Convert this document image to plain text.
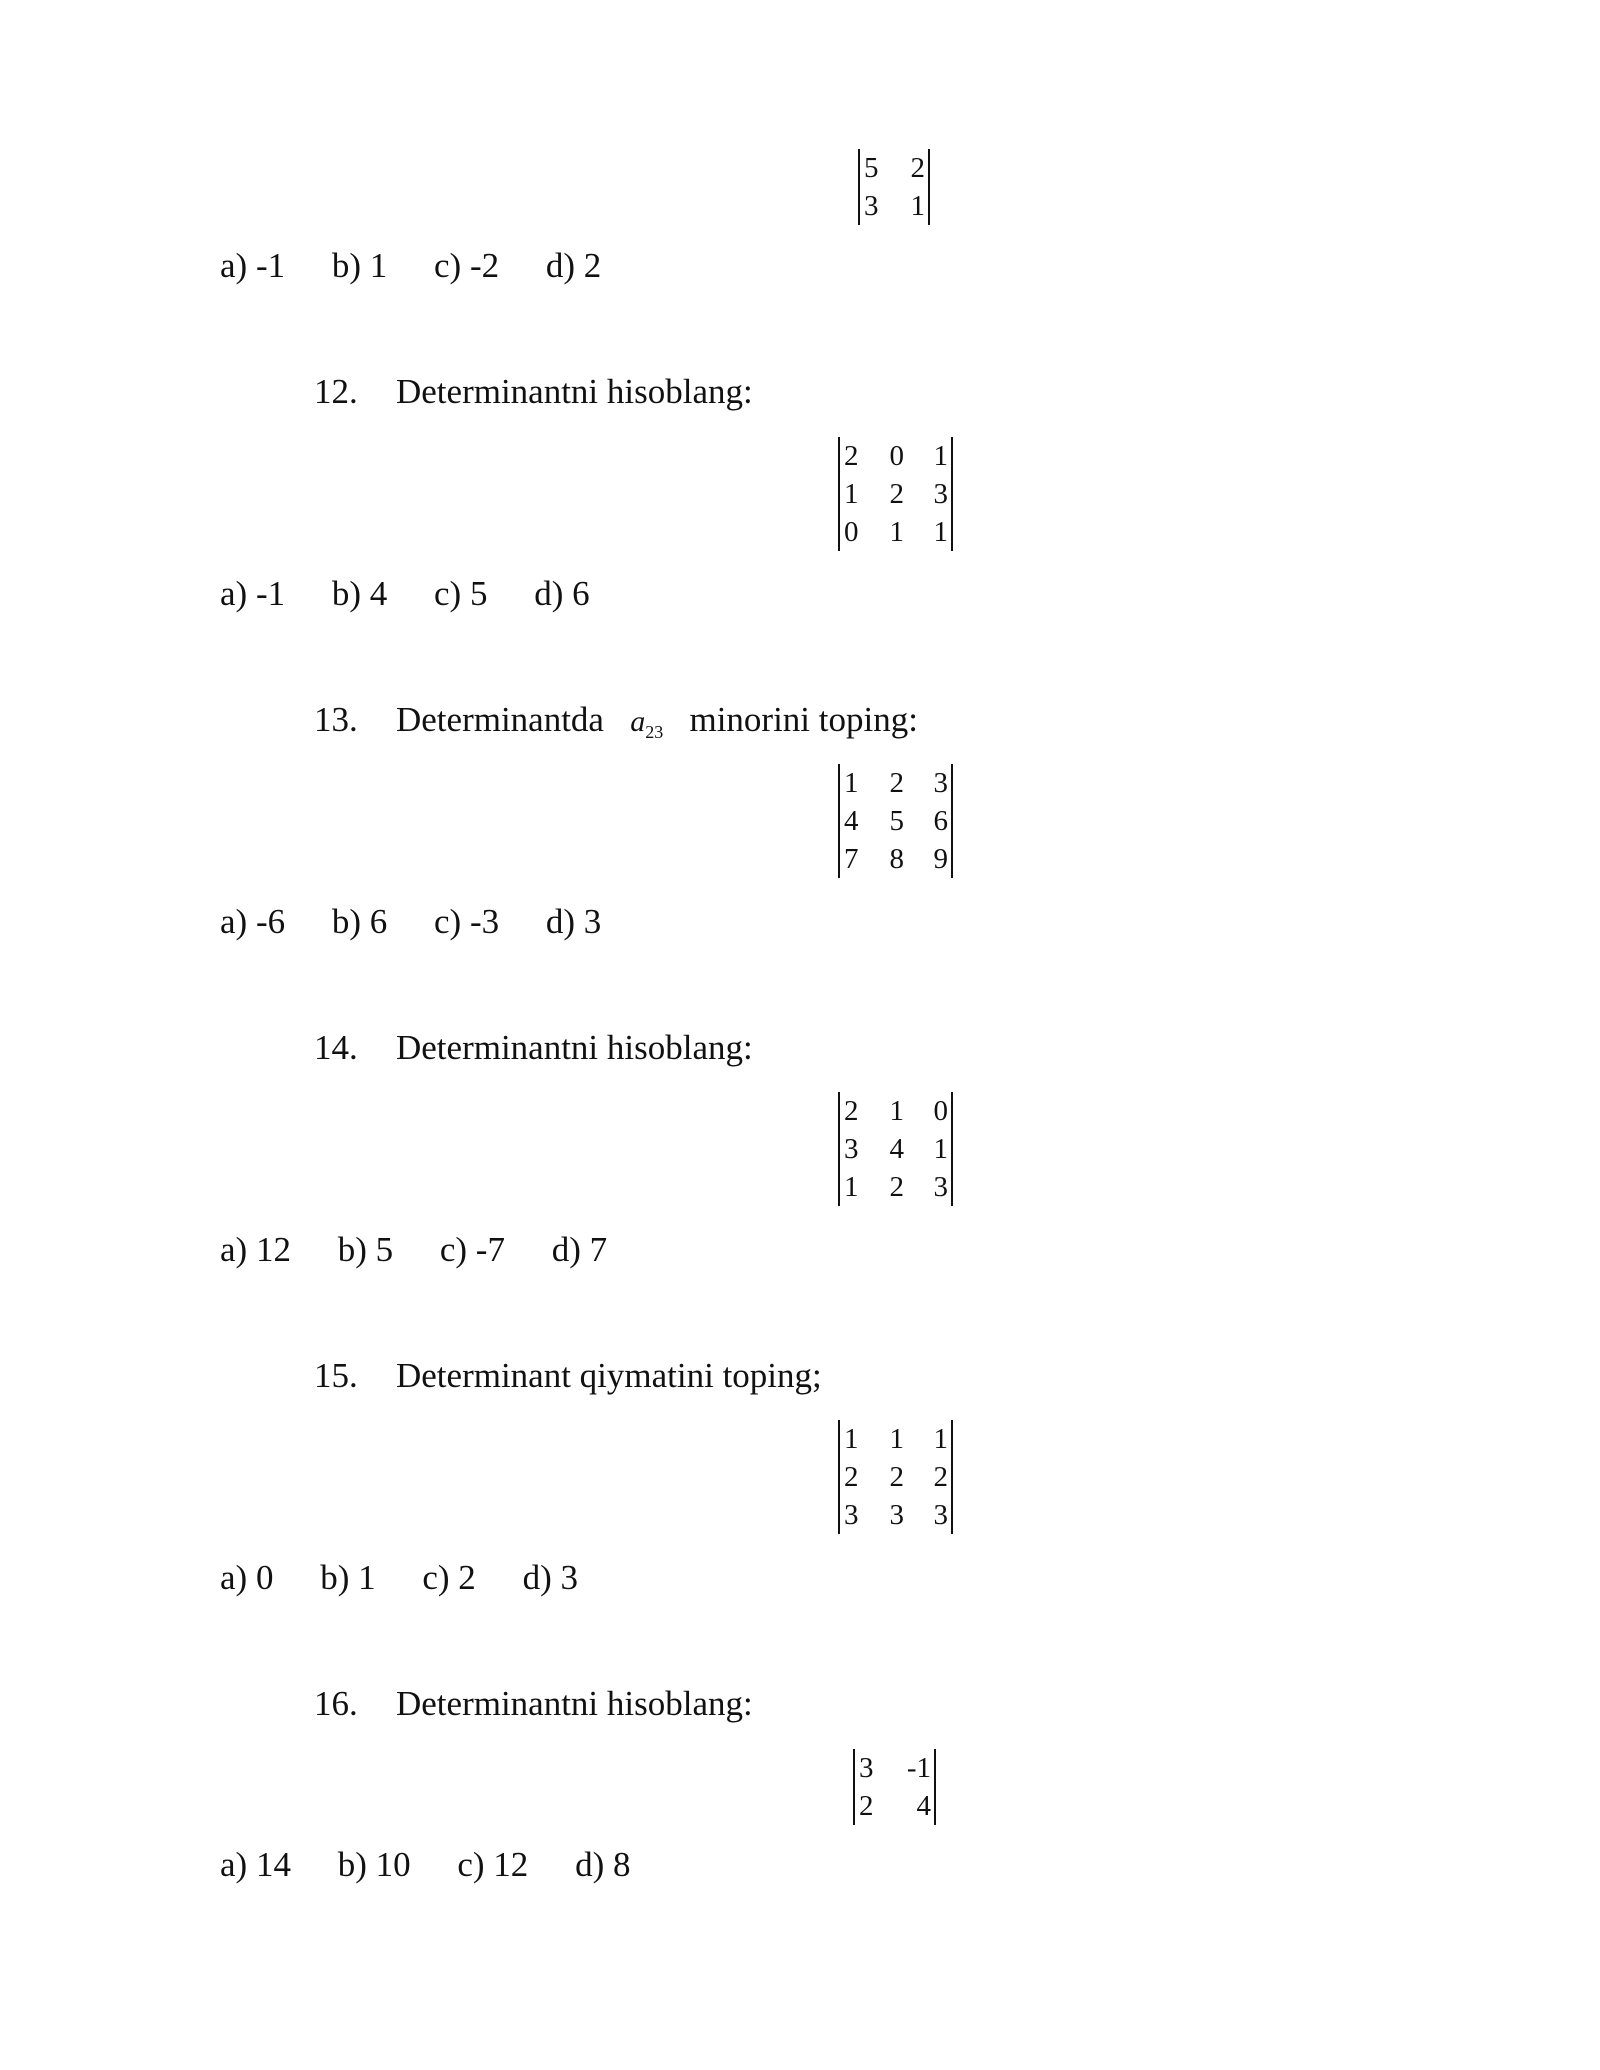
5	2
3	1
a) -1 b) 1 c) -2 d) 2
12. Determinantni hisoblang:
2	0	1
1	2	3
0	1	1
a) -1 b) 4 c) 5 d) 6
13. Determinantda $a_{23}$ minorini toping:
1	2	3
4	5	6
7	8	9
a) -6 b) 6 c) -3 d) 3
14. Determinantni hisoblang:
2	1	0
3	4	1
1	2	3
a) 12 b) 5 c) -7 d) 7
15. Determinant qiymatini toping;
1	1	1
2	2	2
3	3	3
a) 0 b) 1 c) 2 d) 3
16. Determinantni hisoblang:
3	-1
2	4
a) 14 b) 10 c) 12 d) 8
